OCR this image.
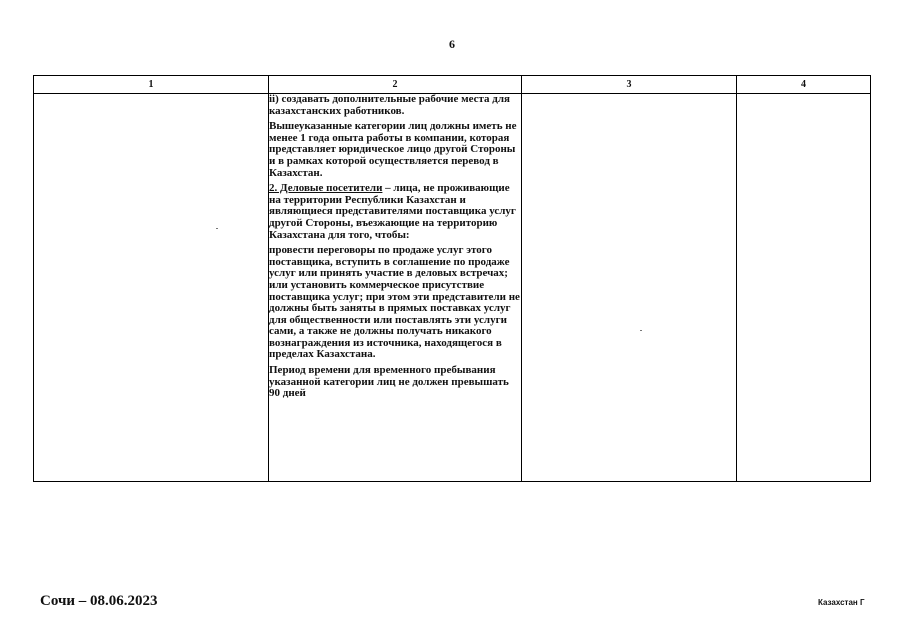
6
1	2	3	4

	ii) создавать дополнительные рабочие места для казахстанских работников.
Вышеуказанные категории лиц должны иметь не менее 1 года опыта работы в компании, которая представляет юридическое лицо другой Стороны и в рамках которой осуществляется перевод в Казахстан.
2. Деловые посетители – лица, не проживающие на территории Республики Казахстан и являющиеся представителями поставщика услуг другой Стороны, въезжающие на территорию Казахстана для того, чтобы:
провести переговоры по продаже услуг этого поставщика, вступить в соглашение по продаже услуг или принять участие в деловых встречах; или установить коммерческое присутствие поставщика услуг; при этом эти представители не должны быть заняты в прямых поставках услуг для общественности или поставлять эти услуги сами, а также не должны получать никакого вознаграждения из источника, находящегося в пределах Казахстана.
Период времени для временного пребывания указанной категории лиц не должен превышать 90 дней		

Сочи – 08.06.2023	Казахстан Г
